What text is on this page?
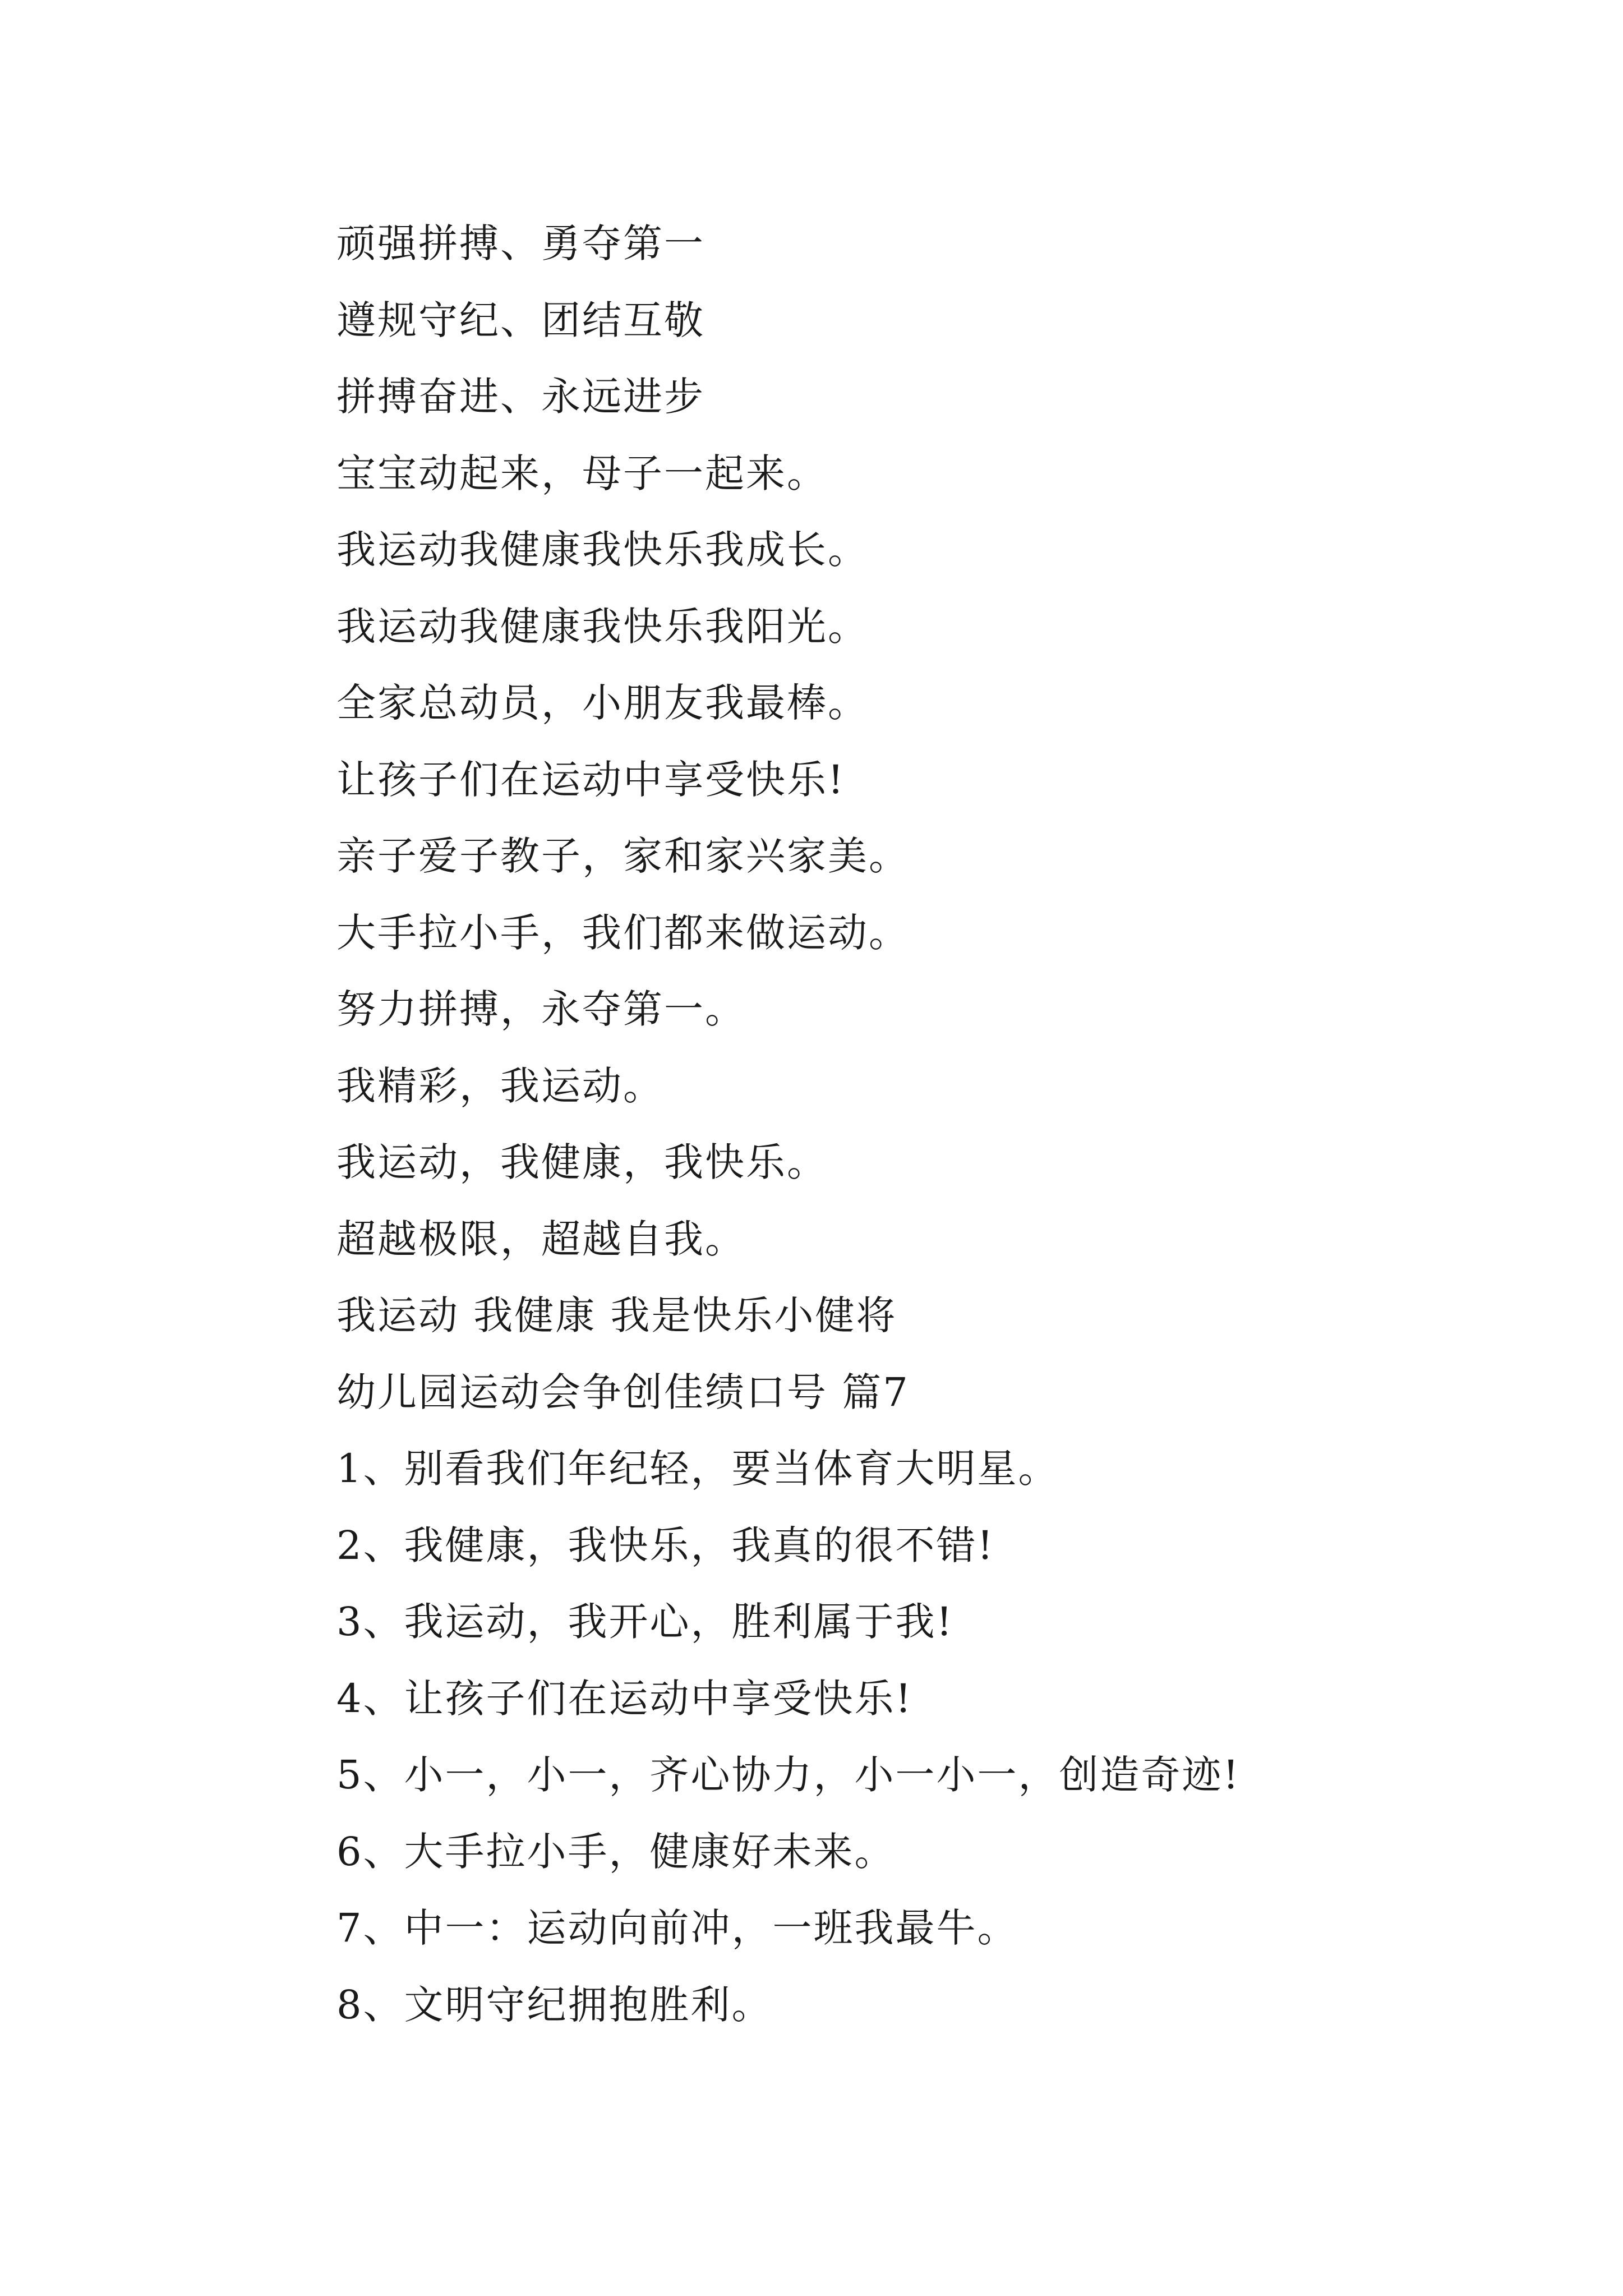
顽强拼搏、勇夺第一
遵规守纪、团结互敬
拼搏奋进、永远进步
宝宝动起来，母子一起来。
我运动我健康我快乐我成长。
我运动我健康我快乐我阳光。
全家总动员，小朋友我最棒。
让孩子们在运动中享受快乐!
亲子爱子教子，家和家兴家美。
大手拉小手，我们都来做运动。
努力拼搏，永夺第一。
我精彩，我运动。
我运动，我健康，我快乐。
超越极限，超越自我。
我运动 我健康 我是快乐小健将
幼儿园运动会争创佳绩口号 篇7
1、别看我们年纪轻，要当体育大明星。
2、我健康，我快乐，我真的很不错!
3、我运动，我开心，胜利属于我!
4、让孩子们在运动中享受快乐!
5、小一，小一，齐心协力，小一小一，创造奇迹!
6、大手拉小手，健康好未来。
7、中一：运动向前冲，一班我最牛。
8、文明守纪拥抱胜利。
